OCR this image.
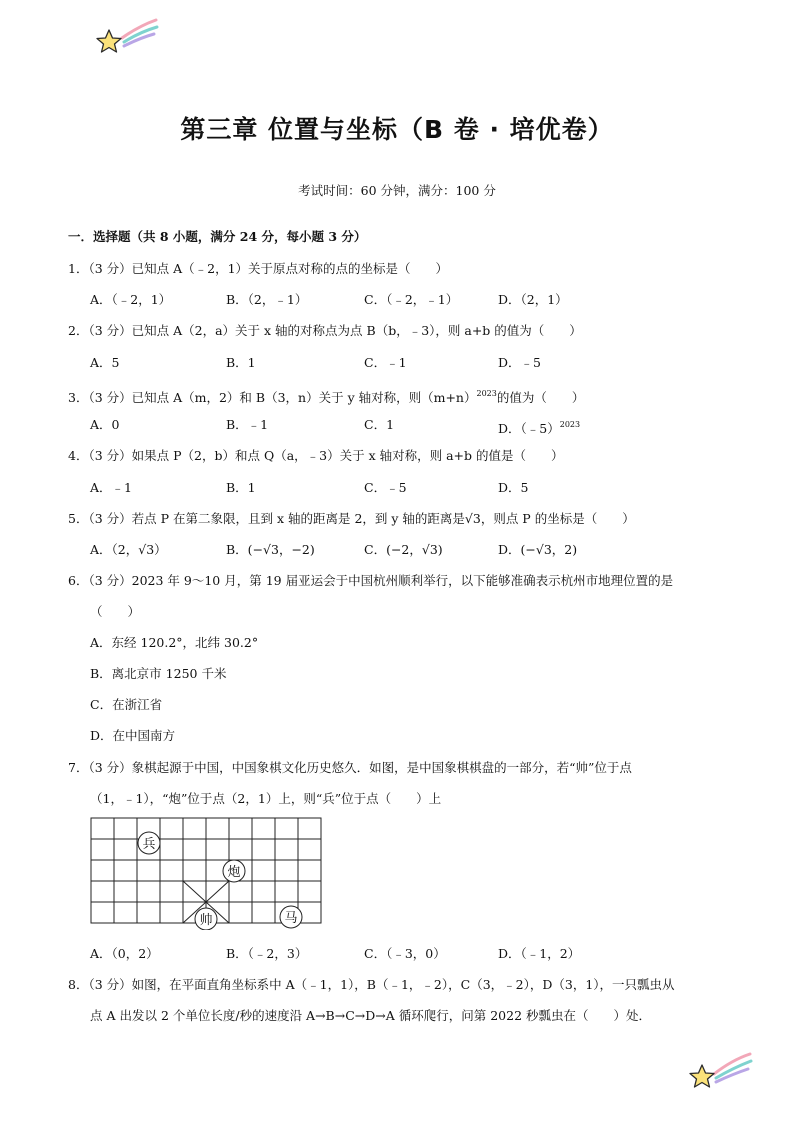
第三章 位置与坐标（B 卷 · 培优卷）
考试时间：60 分钟，满分：100 分
一．选择题（共 8 小题，满分 24 分，每小题 3 分）
1．（3 分）已知点 A（﹣2，1）关于原点对称的点的坐标是（　　）
A．（﹣2，1）	B．（2，﹣1）	C．（﹣2，﹣1）	D．（2，1）
2．（3 分）已知点 A（2，a）关于 x 轴的对称点为点 B（b，﹣3），则 a+b 的值为（　　）
A．5	B．1	C．﹣1	D．﹣5
3．（3 分）已知点 A（m，2）和 B（3，n）关于 y 轴对称，则$(m+n)^{2023}$的值为（　　）
A．0	B．﹣1	C．1	D．（﹣5）$^{2023}$
4．（3 分）如果点 P（2，b）和点 Q（a，﹣3）关于 x 轴对称，则 a+b 的值是（　　）
A．﹣1	B．1	C．﹣5	D．5
5．（3 分）若点 P 在第二象限，且到 x 轴的距离是 2，到 y 轴的距离是√3，则点 P 的坐标是（　　）
A．（2，√3）	B．(−√3，−2)	C．(−2，√3)	D．(−√3，2)
6．（3 分）2023 年 9～10 月，第 19 届亚运会于中国杭州顺利举行，以下能够准确表示杭州市地理位置的是
（　　）
A．东经 120.2°，北纬 30.2°
B．离北京市 1250 千米
C．在浙江省
D．在中国南方
7．（3 分）象棋起源于中国，中国象棋文化历史悠久．如图，是中国象棋棋盘的一部分，若“帅”位于点
（1，﹣1），“炮”位于点（2，1）上，则“兵”位于点（　　）上
兵
炮
帅	马
A．（0，2）	B．（﹣2，3）	C．（﹣3，0）	D．（﹣1，2）
8．（3 分）如图，在平面直角坐标系中 A（﹣1，1），B（﹣1，﹣2），C（3，﹣2），D（3，1），一只瓢虫从
点 A 出发以 2 个单位长度/秒的速度沿 A→B→C→D→A 循环爬行，问第 2022 秒瓢虫在（　　）处．
